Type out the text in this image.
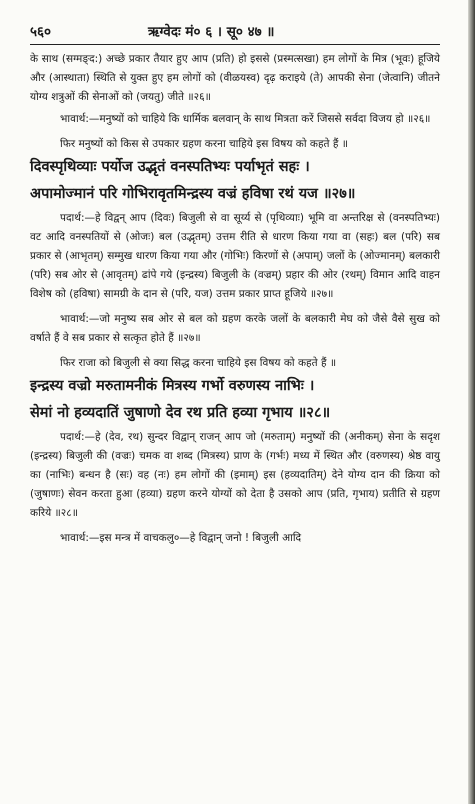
५६०	ऋग्वेदः मं० ६ । सू० ४७ ॥

के साथ (सग्मङ्द:) अच्छे प्रकार तैयार हुए आप (प्रति) हो इससे (प्रस्मत्सखा) हम लोगों के मित्र (भूवः) हूजिये और (आस्थाता) स्थिति से युक्त हुए हम लोगों को (वीळयस्व) दृढ़ कराइये (ते) आपकी सेना (जेत्वानि) जीतने योग्य शत्रुओं की सेनाओं को (जयतु) जीते ॥२६॥

भावार्थ:—मनुष्यों को चाहिये कि धार्मिक बलवान् के साथ मित्रता करें जिससे सर्वदा विजय हो ॥२६॥

फिर मनुष्यों को किस से उपकार ग्रहण करना चाहिये इस विषय को कहते हैं ॥

दिवस्पृथिव्याः पर्योज उद्भृतं वनस्पतिभ्यः पर्याभृतं सहः ।

अपामोज्मानं परि गोभिरावृतमिन्द्रस्य वज्रं हविषा रथं यज ॥२७॥

पदार्थ:—हे विद्वन् आप (दिवः) बिजुली से वा सूर्य्य से (पृथिव्याः) भूमि वा अन्तरिक्ष से (वनस्पतिभ्यः) वट आदि वनस्पतियों से (ओजः) बल (उद्भृतम्) उत्तम रीति से धारण किया गया वा (सहः) बल (परि) सब प्रकार से (आभृतम्) सम्मुख धारण किया गया और (गोभिः) किरणों से (अपाम्) जलों के (ओज्मानम्) बलकारी (परि) सब ओर से (आवृतम्) ढांपे गये (इन्द्रस्य) बिजुली के (वज्रम्) प्रहार की ओर (रथम्) विमान आदि वाहन विशेष को (हविषा) सामग्री के दान से (परि, यज) उत्तम प्रकार प्राप्त हूजिये ॥२७॥

भावार्थ:—जो मनुष्य सब ओर से बल को ग्रहण करके जलों के बलकारी मेघ को जैसे वैसे सुख को वर्षाते हैं वे सब प्रकार से सत्कृत होते हैं ॥२७॥

फिर राजा को बिजुली से क्या सिद्ध करना चाहिये इस विषय को कहते हैं ॥

इन्द्रस्य वज्रो मरुतामनीकं मित्रस्य गर्भो वरुणस्य नाभिः ।

सेमां नो हव्यदातिं जुषाणो देव रथ प्रति हव्या गृभाय ॥२८॥

पदार्थ:—हे (देव, रथ) सुन्दर विद्वान् राजन् आप जो (मरुताम्) मनुष्यों की (अनीकम्) सेना के सदृश (इन्द्रस्य) बिजुली की (वज्रः) चमक वा शब्द (मित्रस्य) प्राण के (गर्भः) मध्य में स्थित और (वरुणस्य) श्रेष्ठ वायु का (नाभिः) बन्धन है (सः) वह (नः) हम लोगों की (इमाम्) इस (हव्यदातिम्) देने योग्य दान की क्रिया को (जुषाणः) सेवन करता हुआ (हव्या) ग्रहण करने योग्यों को देता है उसको आप (प्रति, गृभाय) प्रतीति से ग्रहण करिये ॥२८॥

भावार्थ:—इस मन्त्र में वाचकलु०—हे विद्वान् जनो ! बिजुली आदि
